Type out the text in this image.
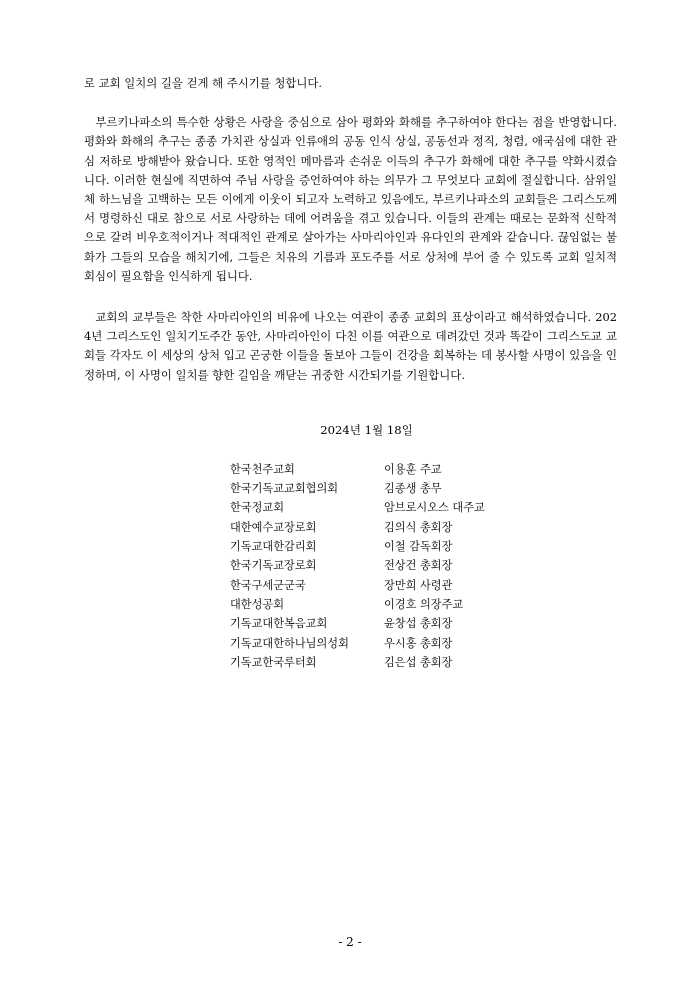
로 교회 일치의 길을 걷게 해 주시기를 청합니다.

부르키나파소의 특수한 상황은 사랑을 중심으로 삼아 평화와 화해를 추구하여야 한다는 점을 반영합니다. 평화와 화해의 추구는 종종 가치관 상실과 인류애의 공동 인식 상실, 공동선과 정직, 청렴, 애국심에 대한 관심 저하로 방해받아 왔습니다. 또한 영적인 메마름과 손쉬운 이득의 추구가 화해에 대한 추구를 약화시켰습니다. 이러한 현실에 직면하여 주님 사랑을 증언하여야 하는 의무가 그 무엇보다 교회에 절실합니다. 삼위일체 하느님을 고백하는 모든 이에게 이웃이 되고자 노력하고 있음에도, 부르키나파소의 교회들은 그리스도께서 명령하신 대로 참으로 서로 사랑하는 데에 어려움을 겪고 있습니다. 이들의 관계는 때로는 문화적 신학적으로 갈려 비우호적이거나 적대적인 관계로 살아가는 사마리아인과 유다인의 관계와 같습니다. 끊임없는 불화가 그들의 모습을 해치기에, 그들은 치유의 기름과 포도주를 서로 상처에 부어 줄 수 있도록 교회 일치적 회심이 필요함을 인식하게 됩니다.

교회의 교부들은 착한 사마리아인의 비유에 나오는 여관이 종종 교회의 표상이라고 해석하였습니다. 2024년 그리스도인 일치기도주간 동안, 사마리아인이 다친 이를 여관으로 데려갔던 것과 똑같이 그리스도교 교회들 각자도 이 세상의 상처 입고 곤궁한 이들을 돌보아 그들이 건강을 회복하는 데 봉사할 사명이 있음을 인정하며, 이 사명이 일치를 향한 길임을 깨닫는 귀중한 시간되기를 기원합니다.

2024년 1월 18일
한국천주교회	이용훈 주교
한국기독교교회협의회	김종생 총무
한국정교회	암브로시오스 대주교
대한예수교장로회	김의식 총회장
기독교대한감리회	이철 감독회장
한국기독교장로회	전상건 총회장
한국구세군군국	장만희 사령관
대한성공회	이경호 의장주교
기독교대한복음교회	윤창섭 총회장
기독교대한하나님의성회	우시홍 총회장
기독교한국루터회	김은섭 총회장
- 2 -
